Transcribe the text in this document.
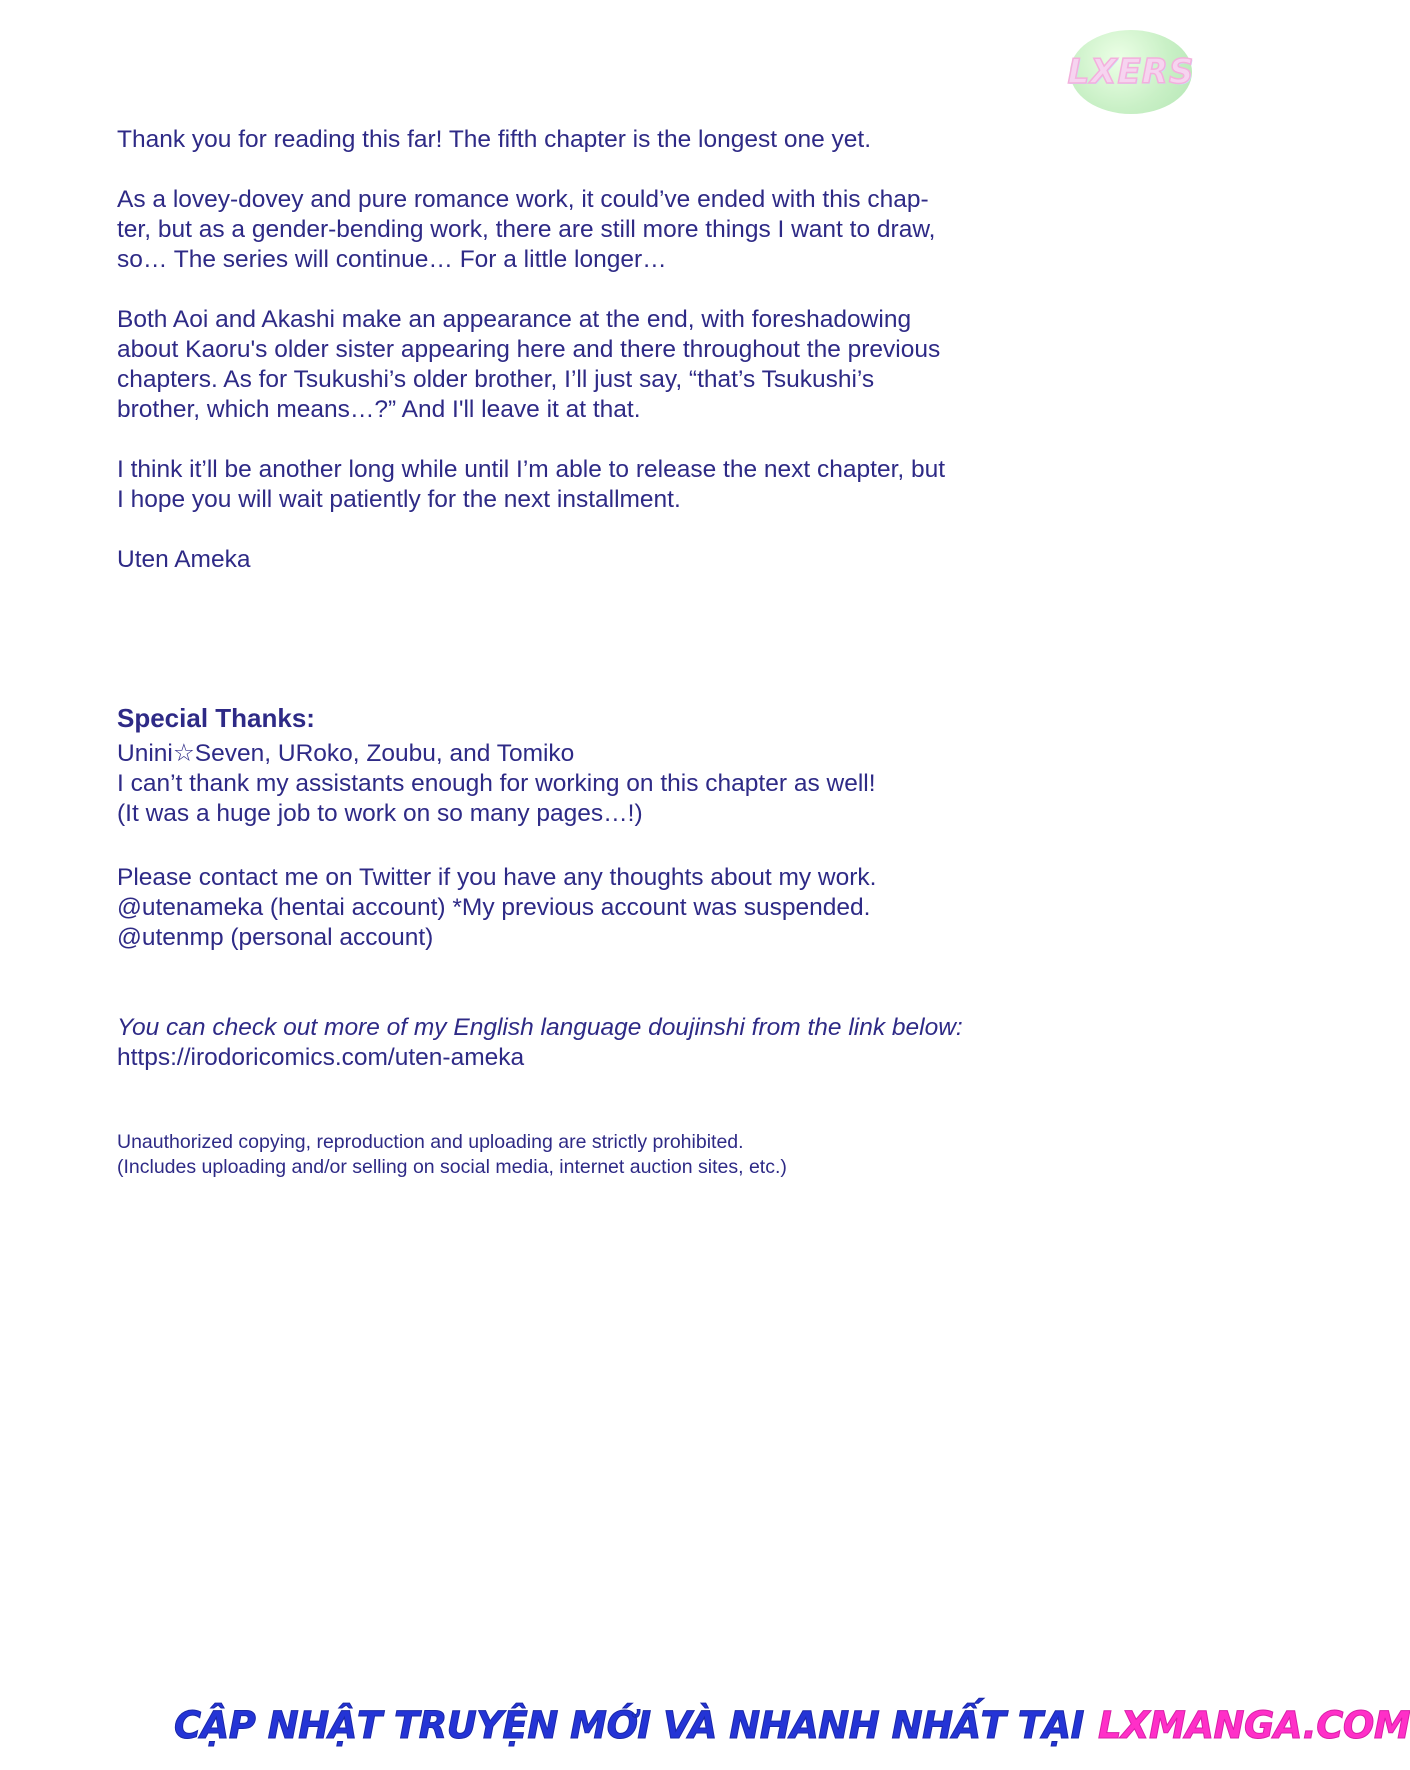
LXERS

Thank you for reading this far! The fifth chapter is the longest one yet.

As a lovey-dovey and pure romance work, it could’ve ended with this chap-
ter, but as a gender-bending work, there are still more things I want to draw,
so… The series will continue… For a little longer…

Both Aoi and Akashi make an appearance at the end, with foreshadowing
about Kaoru's older sister appearing here and there throughout the previous
chapters. As for Tsukushi’s older brother, I’ll just say, “that’s Tsukushi’s
brother, which means…?” And I'll leave it at that.

I think it’ll be another long while until I’m able to release the next chapter, but
I hope you will wait patiently for the next installment.

Uten Ameka

Special Thanks:
Unini☆Seven, URoko, Zoubu, and Tomiko
I can’t thank my assistants enough for working on this chapter as well!
(It was a huge job to work on so many pages…!)
Please contact me on Twitter if you have any thoughts about my work.
@utenameka (hentai account) *My previous account was suspended.
@utenmp (personal account)
You can check out more of my English language doujinshi from the link below:
https://irodoricomics.com/uten-ameka
Unauthorized copying, reproduction and uploading are strictly prohibited.
(Includes uploading and/or selling on social media, internet auction sites, etc.)
CẬP NHẬT TRUYỆN MỚI VÀ NHANH NHẤT TẠI LXMANGA.COM
